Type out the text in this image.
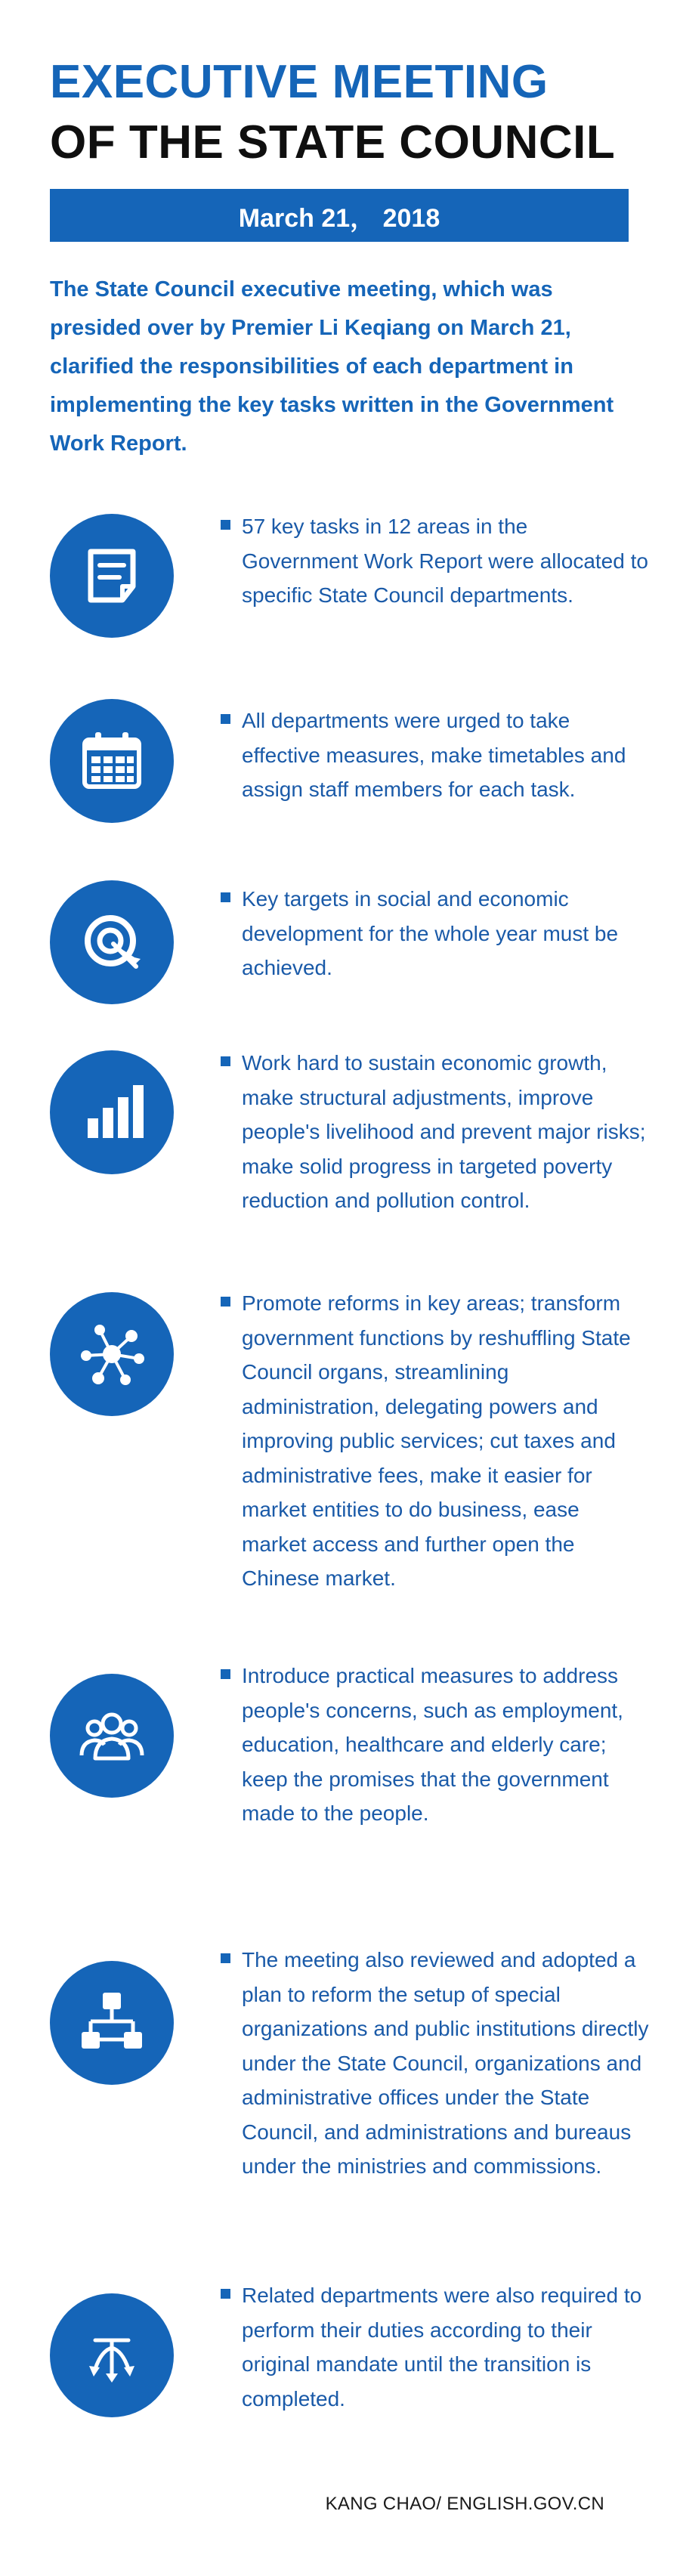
EXECUTIVE MEETING
OF THE STATE COUNCIL
March 21， 2018

The State Council executive meeting, which was presided over by Premier Li Keqiang on March 21, clarified the responsibilities of each department in implementing the key tasks written in the Government Work Report.

57 key tasks in 12 areas in the Government Work Report were allocated to specific State Council departments.

All departments were urged to take effective measures, make timetables and assign staff members for each task.

Key targets in social and economic development for the whole year must be achieved.

Work hard to sustain economic growth, make structural adjustments, improve people's livelihood and prevent major risks; make solid progress in targeted poverty reduction and pollution control.

Promote reforms in key areas; transform government functions by reshuffling State Council organs, streamlining administration, delegating powers and improving public services; cut taxes and administrative fees, make it easier for market entities to do business, ease market access and further open the Chinese market.

Introduce practical measures to address people's concerns, such as employment, education, healthcare and elderly care; keep the promises that the government made to the people.

The meeting also reviewed and adopted a plan to reform the setup of special organizations and public institutions directly under the State Council, organizations and administrative offices under the State Council, and administrations and bureaus under the ministries and commissions.

Related departments were also required to perform their duties according to their original mandate until the transition is completed.

KANG CHAO/ ENGLISH.GOV.CN
